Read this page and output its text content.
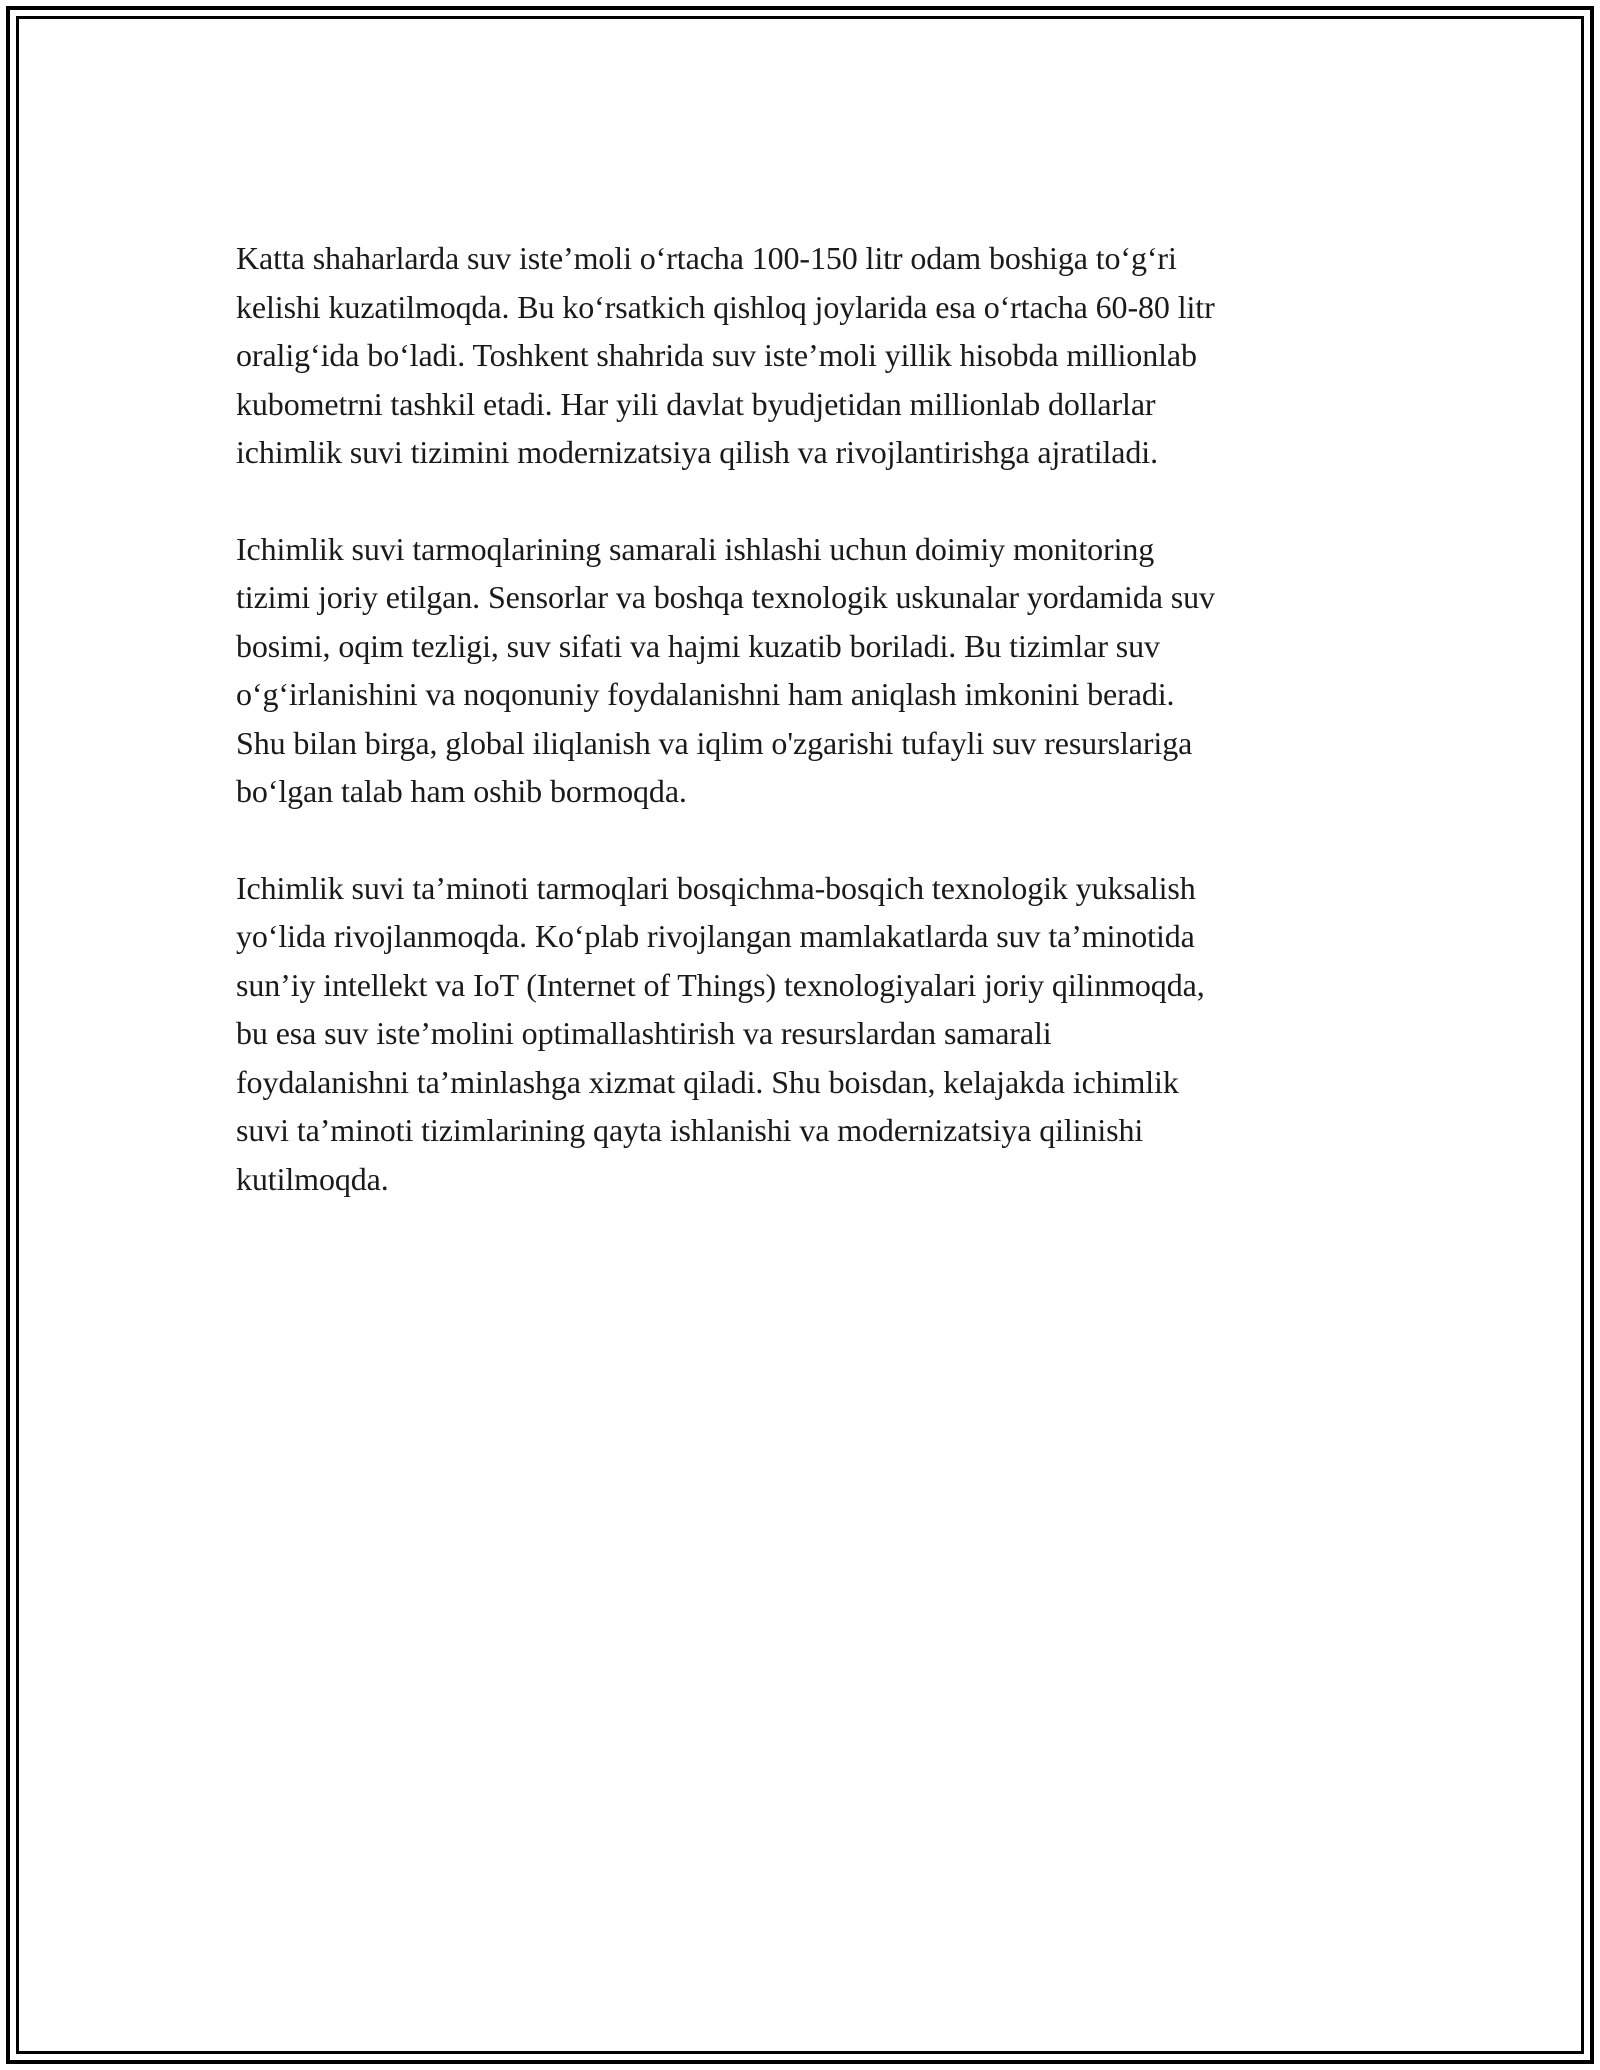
Katta shaharlarda suv iste’moli o‘rtacha 100-150 litr odam boshiga to‘g‘ri
kelishi kuzatilmoqda. Bu ko‘rsatkich qishloq joylarida esa o‘rtacha 60-80 litr
oralig‘ida bo‘ladi. Toshkent shahrida suv iste’moli yillik hisobda millionlab
kubometrni tashkil etadi. Har yili davlat byudjetidan millionlab dollarlar
ichimlik suvi tizimini modernizatsiya qilish va rivojlantirishga ajratiladi.

Ichimlik suvi tarmoqlarining samarali ishlashi uchun doimiy monitoring
tizimi joriy etilgan. Sensorlar va boshqa texnologik uskunalar yordamida suv
bosimi, oqim tezligi, suv sifati va hajmi kuzatib boriladi. Bu tizimlar suv
o‘g‘irlanishini va noqonuniy foydalanishni ham aniqlash imkonini beradi.
Shu bilan birga, global iliqlanish va iqlim o'zgarishi tufayli suv resurslariga
bo‘lgan talab ham oshib bormoqda.

Ichimlik suvi ta’minoti tarmoqlari bosqichma-bosqich texnologik yuksalish
yo‘lida rivojlanmoqda. Ko‘plab rivojlangan mamlakatlarda suv ta’minotida
sun’iy intellekt va IoT (Internet of Things) texnologiyalari joriy qilinmoqda,
bu esa suv iste’molini optimallashtirish va resurslardan samarali
foydalanishni ta’minlashga xizmat qiladi. Shu boisdan, kelajakda ichimlik
suvi ta’minoti tizimlarining qayta ishlanishi va modernizatsiya qilinishi
kutilmoqda.
